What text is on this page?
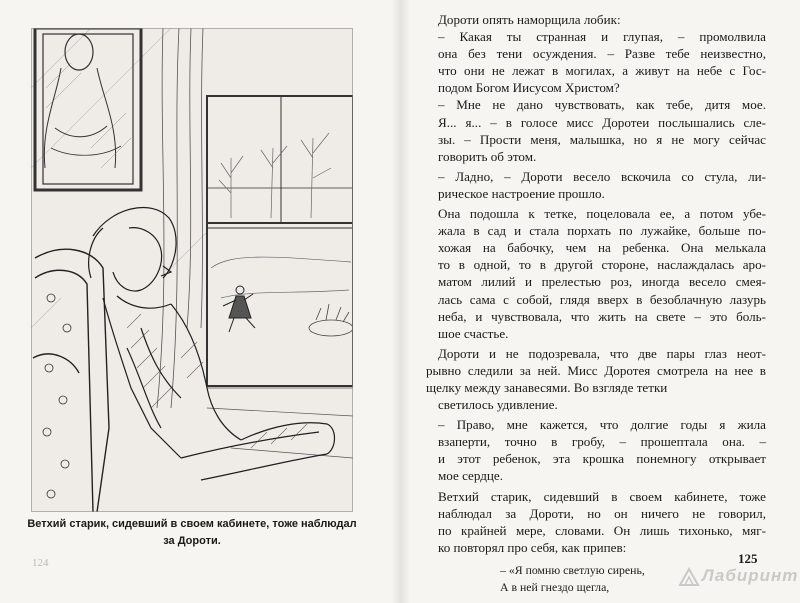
Ветхий старик, сидевший в своем кабинете, тоже наблюдал за Дороти.
124

Дороти опять наморщила лобик:

– Какая ты странная и глупая, – промолвила
она без тени осуждения. – Разве тебе неизвестно,
что они не лежат в могилах, а живут на небе с Гос-
подом Богом Иисусом Христом?

– Мне не дано чувствовать, как тебе, дитя мое.
Я... я... – в голосе мисс Доротеи послышались сле-
зы. – Прости меня, малышка, но я не могу сейчас
говорить об этом.

– Ладно, – Дороти весело вскочила со стула, ли-
рическое настроение прошло.

Она подошла к тетке, поцеловала ее, а потом убе-
жала в сад и стала порхать по лужайке, больше по-
хожая на бабочку, чем на ребенка. Она мелькала
то в одной, то в другой стороне, наслаждалась аро-
матом лилий и прелестью роз, иногда весело смея-
лась сама с собой, глядя вверх в безоблачную лазурь
неба, и чувствовала, что жить на свете – это боль-
шое счастье.

Дороти и не подозревала, что две пары глаз неот-
рывно следили за ней. Мисс Доротея смотрела на нее в щелку между занавесями. Во взгляде тетки
светилось удивление.

– Право, мне кажется, что долгие годы я жила
взаперти, точно в гробу, – прошептала она. –
и этот ребенок, эта крошка понемногу открывает
мое сердце.

Ветхий старик, сидевший в своем кабинете, тоже
наблюдал за Дороти, но он ничего не говорил,
по крайней мере, словами. Он лишь тихонько, мяг-
ко повторял про себя, как припев:

– «Я помню светлую сирень,
А в ней гнездо щегла,

125
Лабиринт
